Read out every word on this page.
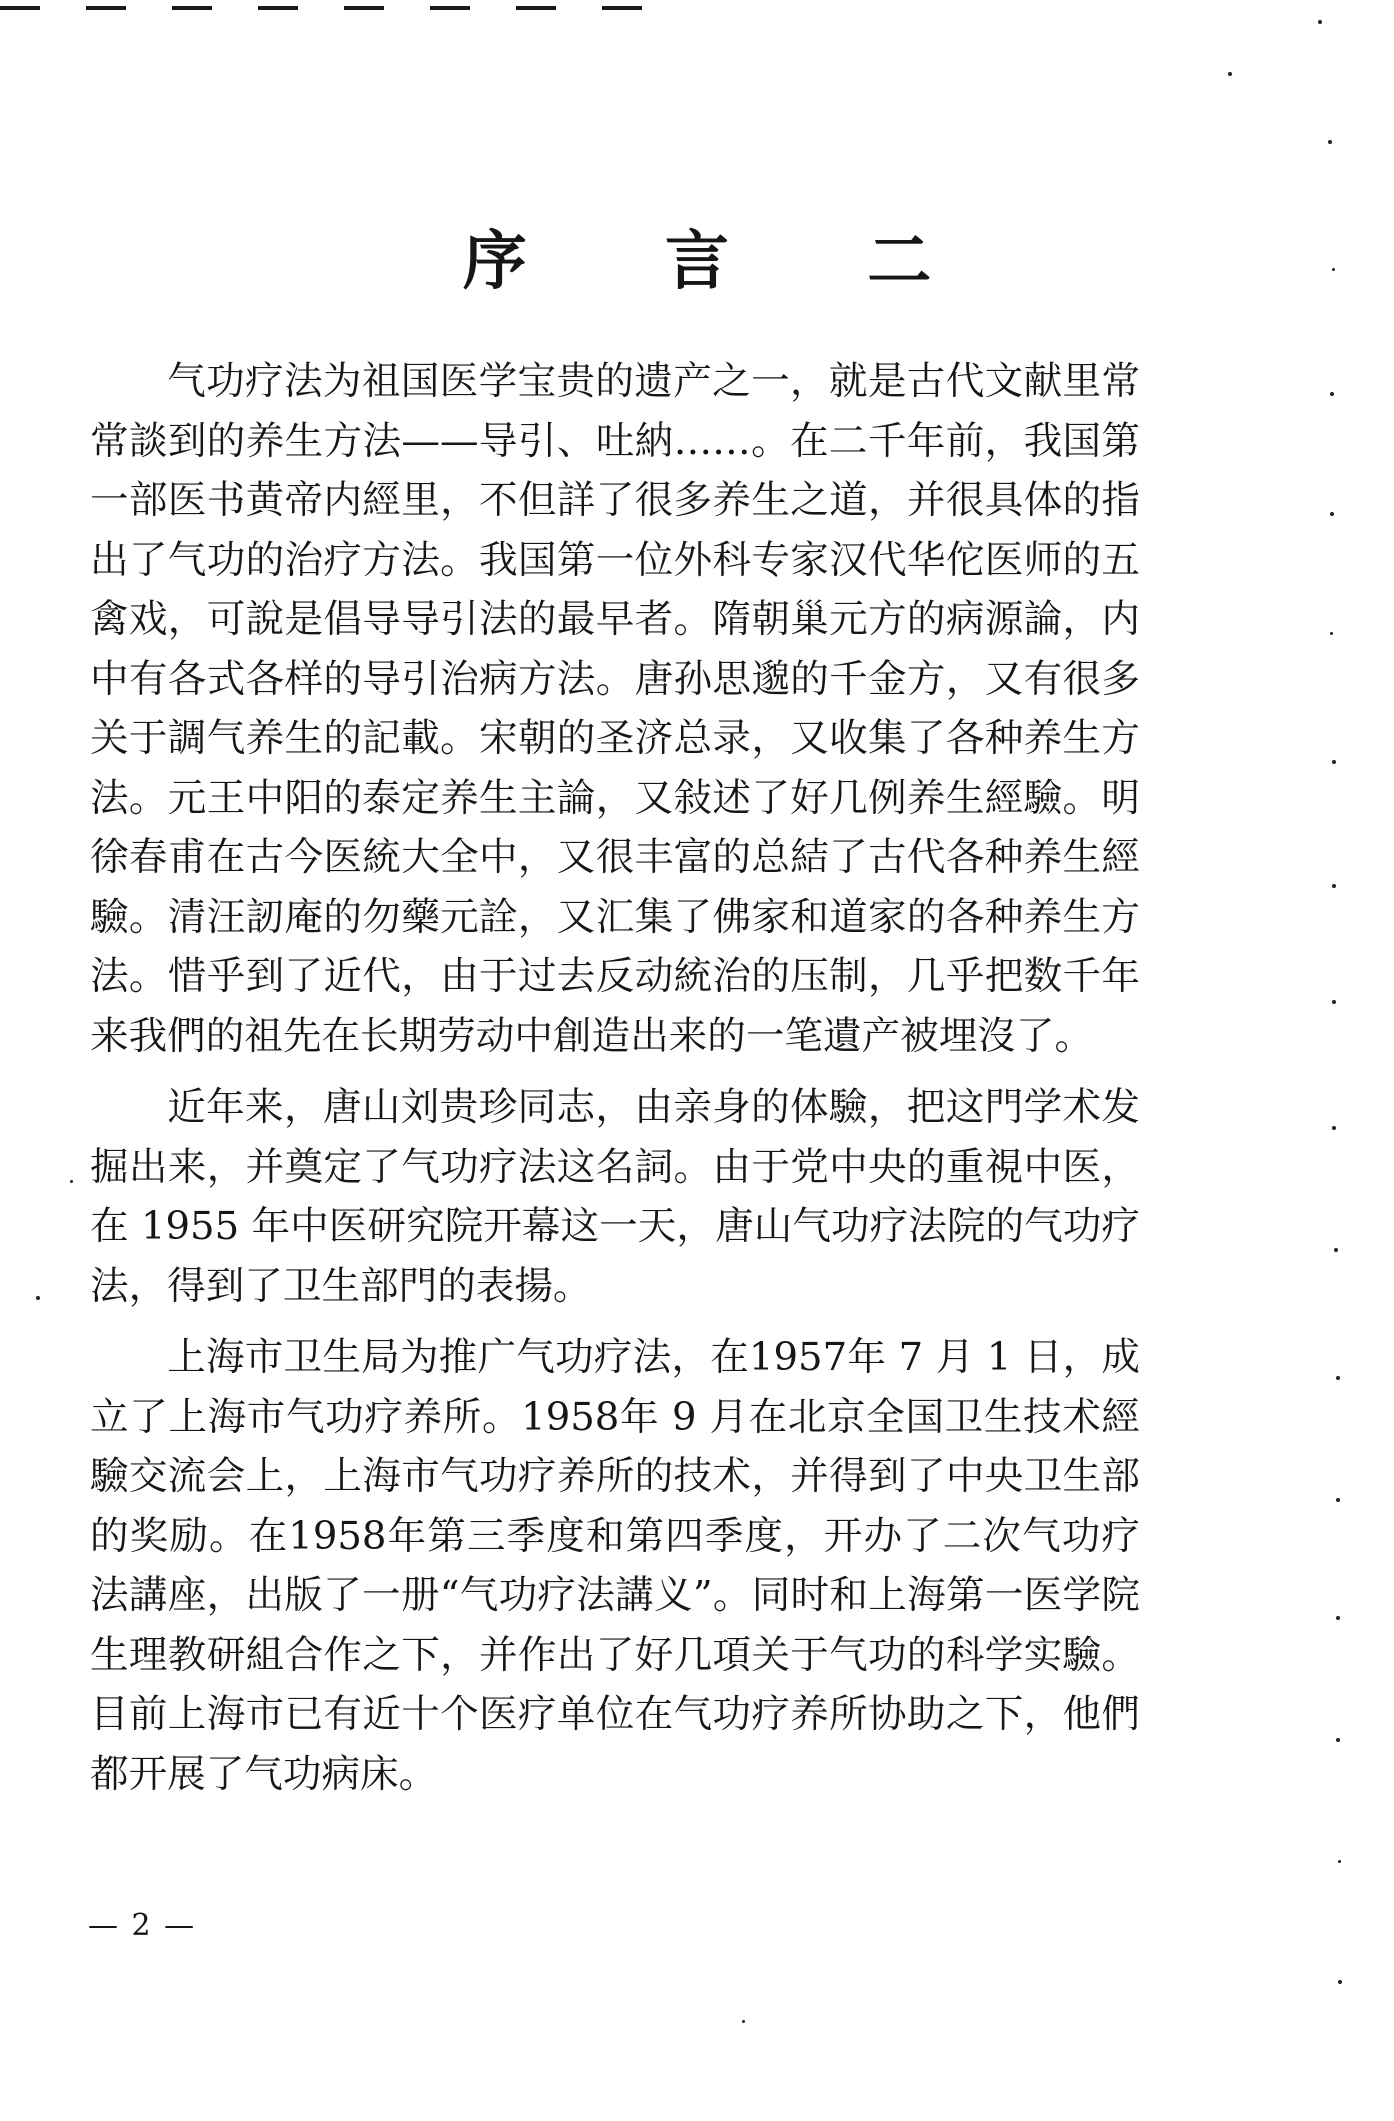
序 言 二

气功疗法为祖国医学宝贵的遗产之一，就是古代文献里常常談到的养生方法——导引、吐納……。在二千年前，我国第一部医书黄帝内經里，不但詳了很多养生之道，并很具体的指出了气功的治疗方法。我国第一位外科专家汉代华佗医师的五禽戏，可說是倡导导引法的最早者。隋朝巢元方的病源論，内中有各式各样的导引治病方法。唐孙思邈的千金方，又有很多关于調气养生的記載。宋朝的圣济总录，又收集了各种养生方法。元王中阳的泰定养生主論，又敍述了好几例养生經驗。明徐春甫在古今医統大全中，又很丰富的总結了古代各种养生經驗。清汪訒庵的勿藥元詮，又汇集了佛家和道家的各种养生方法。惜乎到了近代，由于过去反动統治的压制，几乎把数千年来我們的祖先在长期劳动中創造出来的一笔遺产被埋沒了。

近年来，唐山刘贵珍同志，由亲身的体驗，把这門学术发掘出来，并奠定了气功疗法这名詞。由于党中央的重視中医，在 1955 年中医研究院开幕这一天，唐山气功疗法院的气功疗法，得到了卫生部門的表揚。

上海市卫生局为推广气功疗法，在1957年 7 月 1 日，成立了上海市气功疗养所。1958年 9 月在北京全国卫生技术經驗交流会上，上海市气功疗养所的技术，并得到了中央卫生部的奖励。在1958年第三季度和第四季度，开办了二次气功疗法講座，出版了一册“气功疗法講义”。同时和上海第一医学院生理教研組合作之下，并作出了好几項关于气功的科学实驗。目前上海市已有近十个医疗单位在气功疗养所协助之下，他們都开展了气功病床。

— 2 —
